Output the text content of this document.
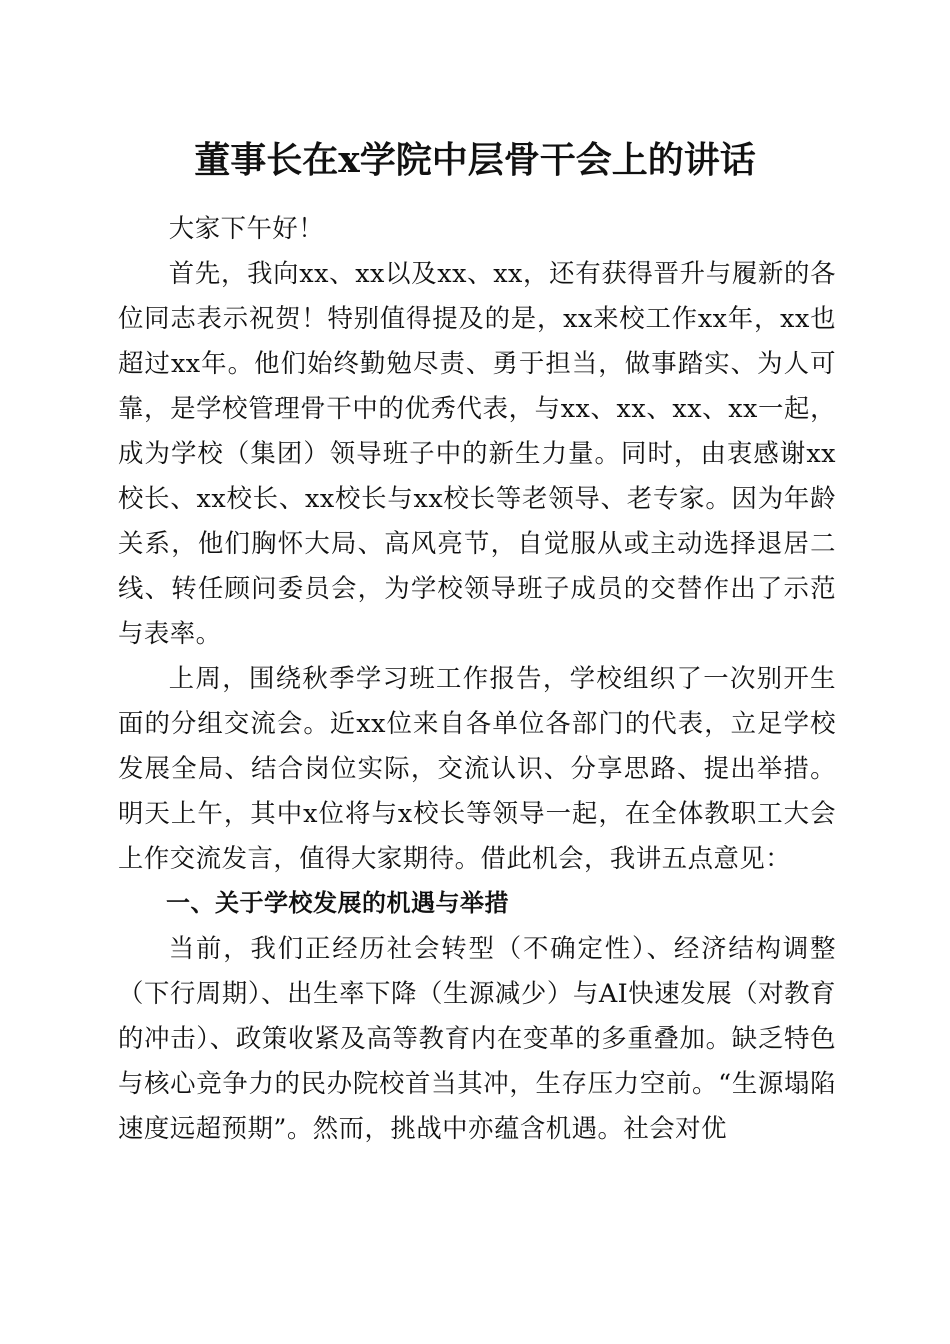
董事长在x学院中层骨干会上的讲话

大家下午好！

首先，我向xx、xx以及xx、xx，还有获得晋升与履新的各位同志表示祝贺！特别值得提及的是，xx来校工作xx年，xx也超过xx年。他们始终勤勉尽责、勇于担当，做事踏实、为人可靠，是学校管理骨干中的优秀代表，与xx、xx、xx、xx一起，成为学校（集团）领导班子中的新生力量。同时，由衷感谢xx校长、xx校长、xx校长与xx校长等老领导、老专家。因为年龄关系，他们胸怀大局、高风亮节，自觉服从或主动选择退居二线、转任顾问委员会，为学校领导班子成员的交替作出了示范与表率。

上周，围绕秋季学习班工作报告，学校组织了一次别开生面的分组交流会。近xx位来自各单位各部门的代表，立足学校发展全局、结合岗位实际，交流认识、分享思路、提出举措。明天上午，其中x位将与x校长等领导一起，在全体教职工大会上作交流发言，值得大家期待。借此机会，我讲五点意见：

一、关于学校发展的机遇与举措

当前，我们正经历社会转型（不确定性）、经济结构调整（下行周期）、出生率下降（生源减少）与AI快速发展（对教育的冲击）、政策收紧及高等教育内在变革的多重叠加。缺乏特色与核心竞争力的民办院校首当其冲，生存压力空前。“生源塌陷速度远超预期”。然而，挑战中亦蕴含机遇。社会对优
